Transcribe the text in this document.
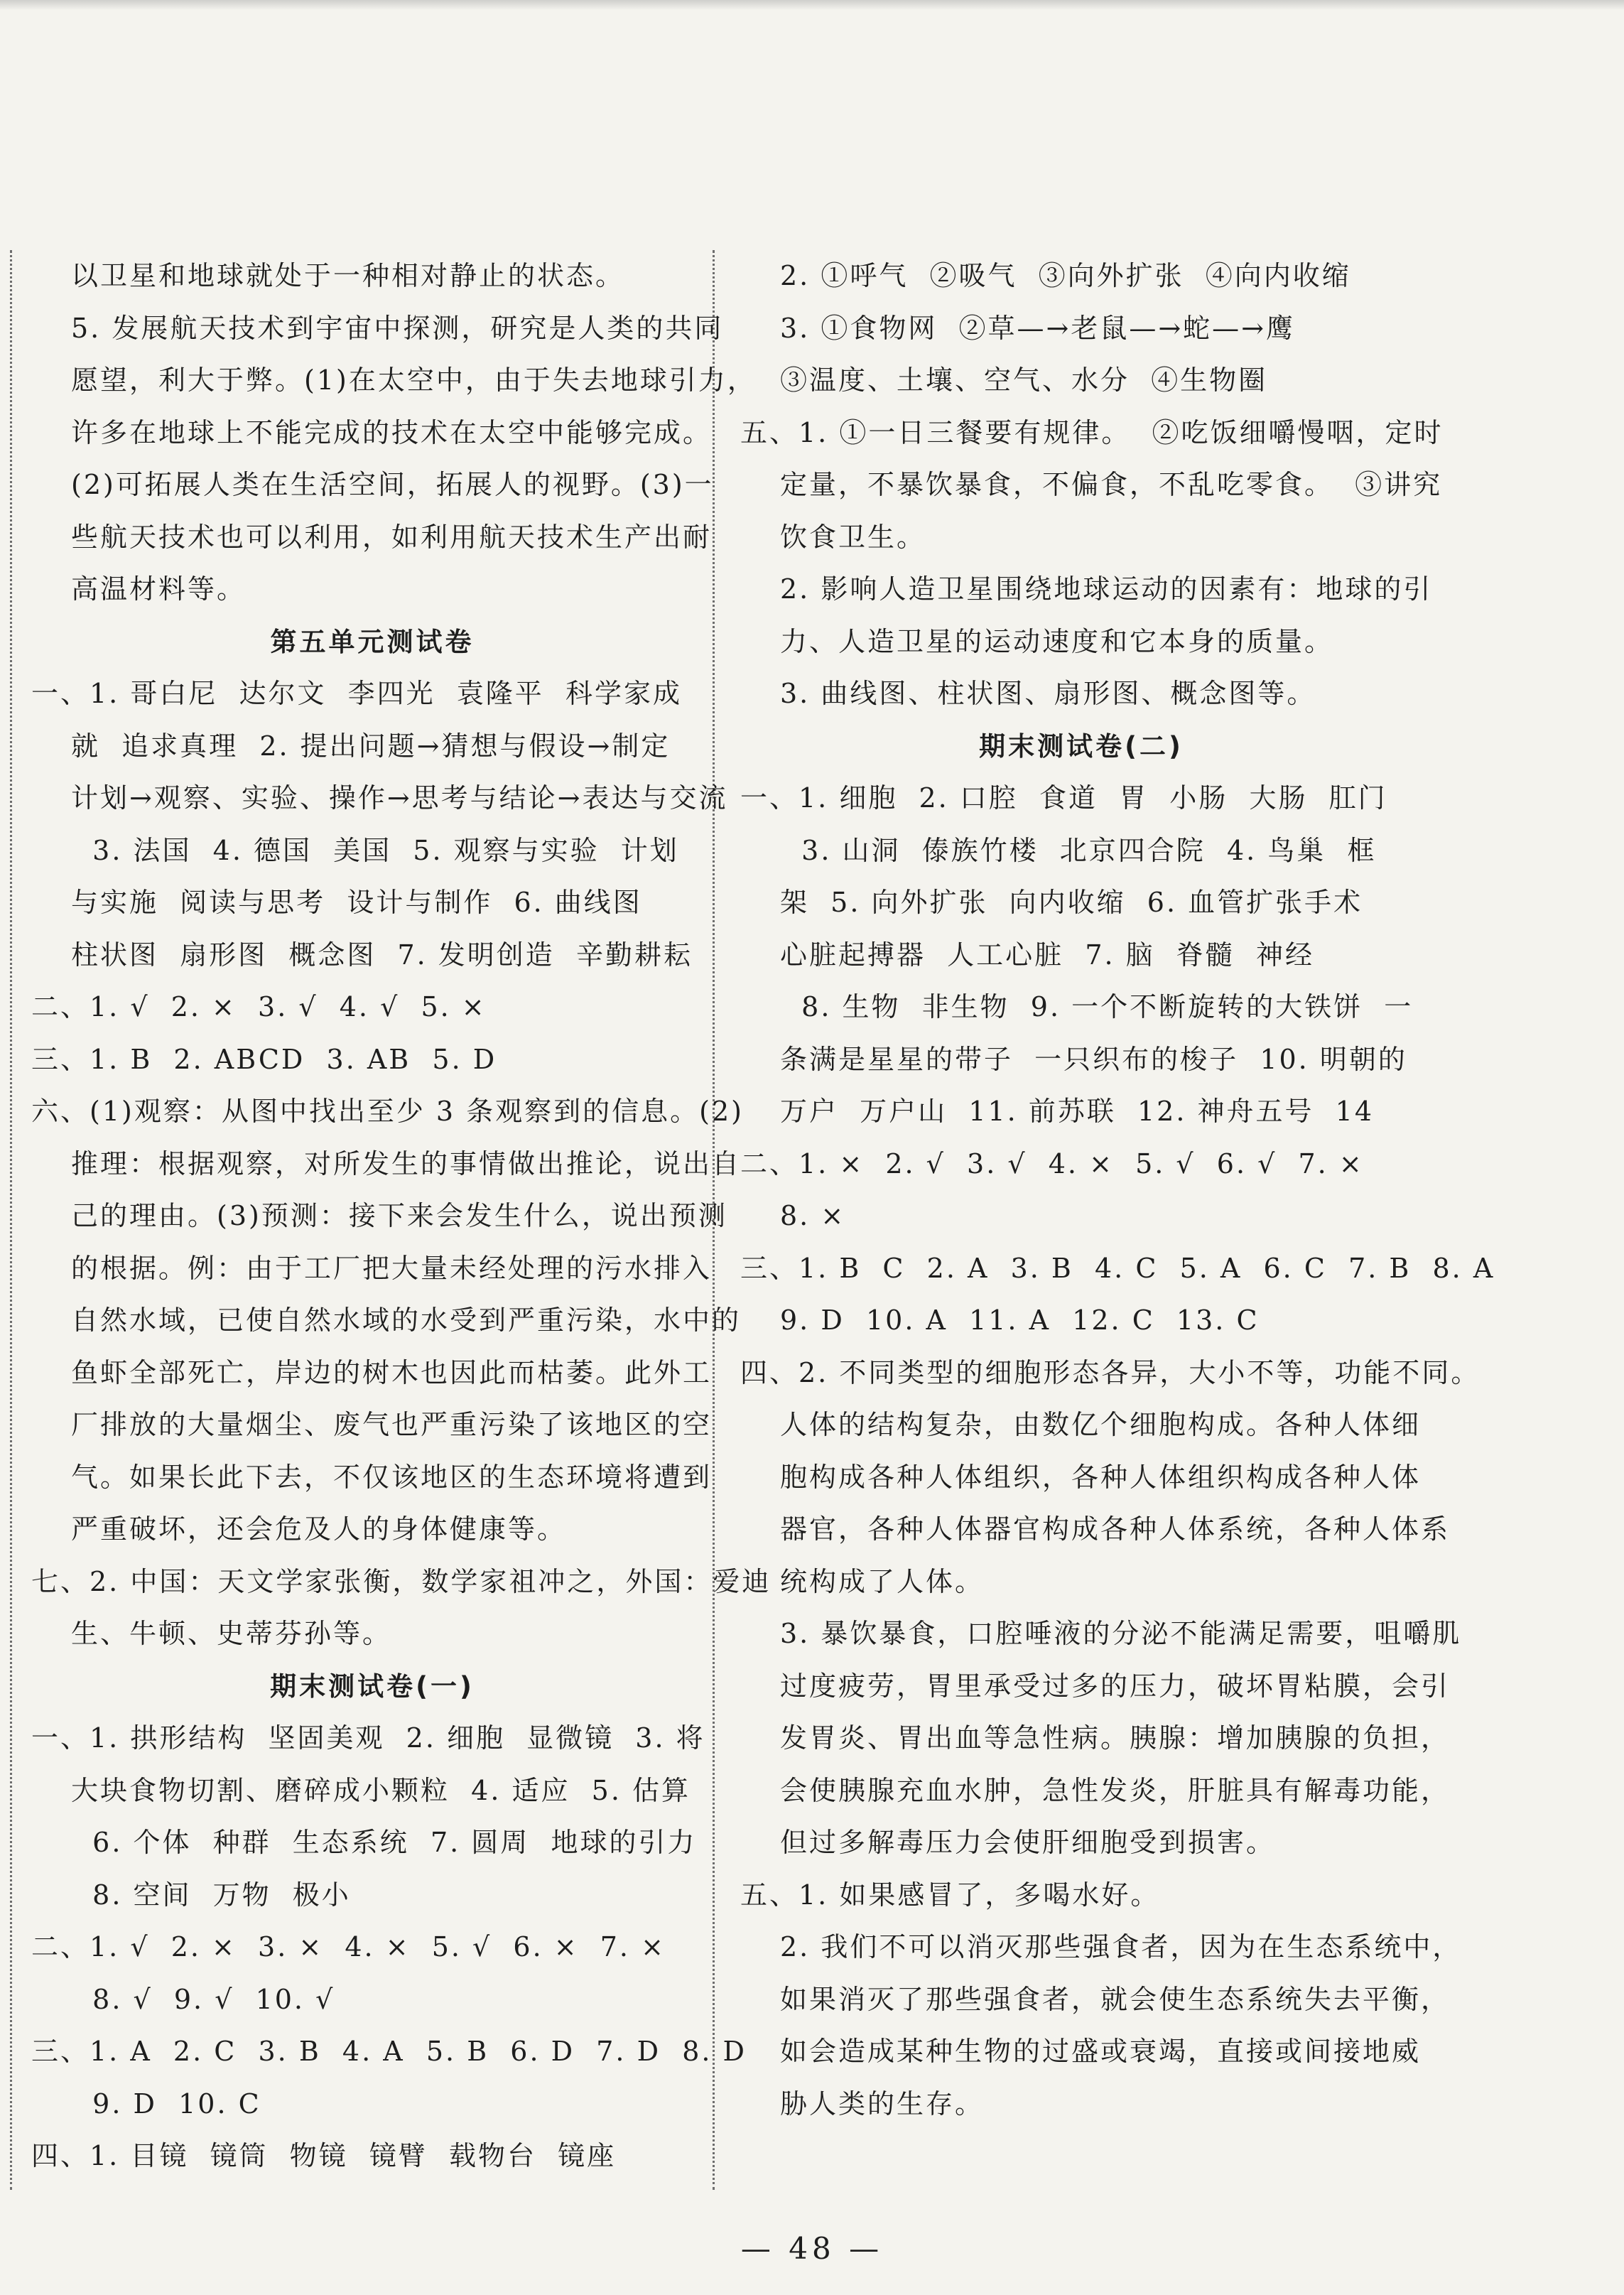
以卫星和地球就处于一种相对静止的状态。
5. 发展航天技术到宇宙中探测，研究是人类的共同
愿望，利大于弊。(1)在太空中，由于失去地球引力，
许多在地球上不能完成的技术在太空中能够完成。
(2)可拓展人类在生活空间，拓展人的视野。(3)一
些航天技术也可以利用，如利用航天技术生产出耐
高温材料等。
第五单元测试卷
一、1. 哥白尼  达尔文  李四光  袁隆平  科学家成
就  追求真理  2. 提出问题→猜想与假设→制定
计划→观察、实验、操作→思考与结论→表达与交流
3. 法国  4. 德国  美国  5. 观察与实验  计划
与实施  阅读与思考  设计与制作  6. 曲线图
柱状图  扇形图  概念图  7. 发明创造  辛勤耕耘
二、1. √  2. ×  3. √  4. √  5. ×
三、1. B  2. ABCD  3. AB  5. D
六、(1)观察：从图中找出至少 3 条观察到的信息。(2)
推理：根据观察，对所发生的事情做出推论，说出自
己的理由。(3)预测：接下来会发生什么，说出预测
的根据。例：由于工厂把大量未经处理的污水排入
自然水域，已使自然水域的水受到严重污染，水中的
鱼虾全部死亡，岸边的树木也因此而枯萎。此外工
厂排放的大量烟尘、废气也严重污染了该地区的空
气。如果长此下去，不仅该地区的生态环境将遭到
严重破坏，还会危及人的身体健康等。
七、2. 中国：天文学家张衡，数学家祖冲之，外国：爱迪
生、牛顿、史蒂芬孙等。
期末测试卷(一)
一、1. 拱形结构  坚固美观  2. 细胞  显微镜  3. 将
大块食物切割、磨碎成小颗粒  4. 适应  5. 估算
6. 个体  种群  生态系统  7. 圆周  地球的引力
8. 空间  万物  极小
二、1. √  2. ×  3. ×  4. ×  5. √  6. ×  7. ×
8. √  9. √  10. √
三、1. A  2. C  3. B  4. A  5. B  6. D  7. D  8. D
9. D  10. C
四、1. 目镜  镜筒  物镜  镜臂  载物台  镜座
2. ①呼气  ②吸气  ③向外扩张  ④向内收缩
3. ①食物网  ②草—→老鼠—→蛇—→鹰
③温度、土壤、空气、水分  ④生物圈
五、1. ①一日三餐要有规律。  ②吃饭细嚼慢咽，定时
定量，不暴饮暴食，不偏食，不乱吃零食。  ③讲究
饮食卫生。
2. 影响人造卫星围绕地球运动的因素有：地球的引
力、人造卫星的运动速度和它本身的质量。
3. 曲线图、柱状图、扇形图、概念图等。
期末测试卷(二)
一、1. 细胞  2. 口腔  食道  胃  小肠  大肠  肛门
3. 山洞  傣族竹楼  北京四合院  4. 鸟巢  框
架  5. 向外扩张  向内收缩  6. 血管扩张手术
心脏起搏器  人工心脏  7. 脑  脊髓  神经
8. 生物  非生物  9. 一个不断旋转的大铁饼  一
条满是星星的带子  一只织布的梭子  10. 明朝的
万户  万户山  11. 前苏联  12. 神舟五号  14
二、1. ×  2. √  3. √  4. ×  5. √  6. √  7. ×
8. ×
三、1. B  C  2. A  3. B  4. C  5. A  6. C  7. B  8. A
9. D  10. A  11. A  12. C  13. C
四、2. 不同类型的细胞形态各异，大小不等，功能不同。
人体的结构复杂，由数亿个细胞构成。各种人体细
胞构成各种人体组织，各种人体组织构成各种人体
器官，各种人体器官构成各种人体系统，各种人体系
统构成了人体。
3. 暴饮暴食，口腔唾液的分泌不能满足需要，咀嚼肌
过度疲劳，胃里承受过多的压力，破坏胃粘膜，会引
发胃炎、胃出血等急性病。胰腺：增加胰腺的负担，
会使胰腺充血水肿，急性发炎，肝脏具有解毒功能，
但过多解毒压力会使肝细胞受到损害。
五、1. 如果感冒了，多喝水好。
2. 我们不可以消灭那些强食者，因为在生态系统中，
如果消灭了那些强食者，就会使生态系统失去平衡，
如会造成某种生物的过盛或衰竭，直接或间接地威
胁人类的生存。
— 48 —
